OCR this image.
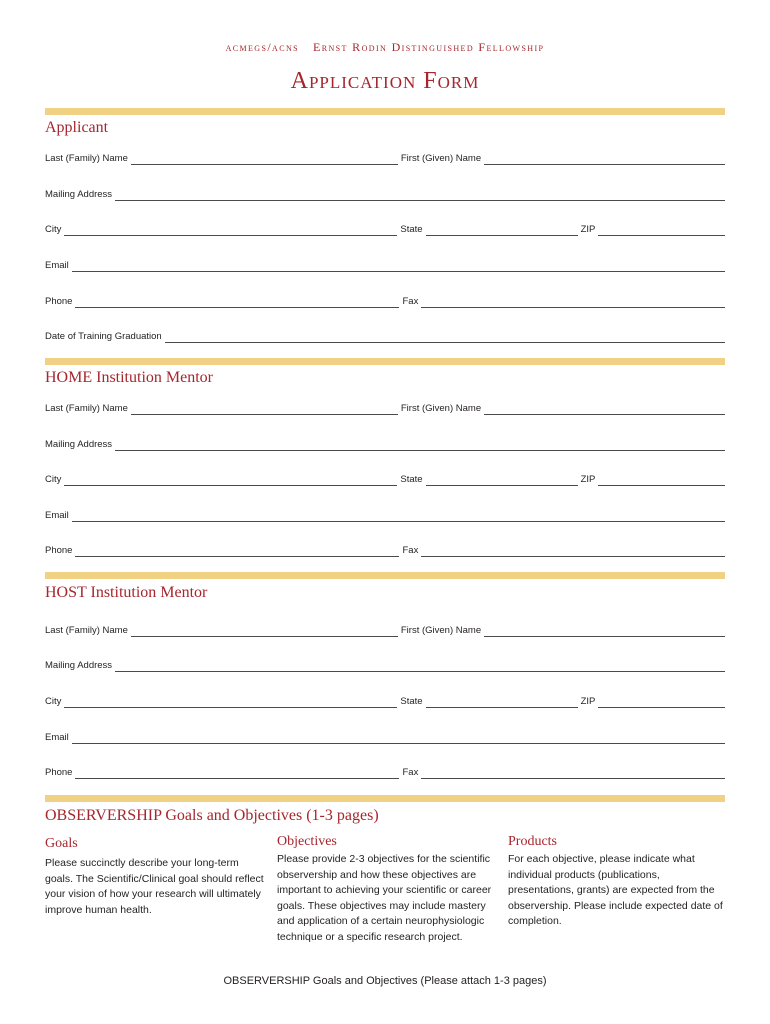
acmegs/acns Ernst Rodin Distinguished Fellowship
Application Form
Applicant
Last (Family) Name	First (Given) Name
Mailing Address
City	State	ZIP
Email
Phone	Fax
Date of Training Graduation
HOME Institution Mentor
Last (Family) Name	First (Given) Name
Mailing Address
City	State	ZIP
Email
Phone	Fax
HOST Institution Mentor
Last (Family) Name	First (Given) Name
Mailing Address
City	State	ZIP
Email
Phone	Fax
OBSERVERSHIP Goals and Objectives (1-3 pages)
Goals
Please succinctly describe your long-term goals. The Scientific/Clinical goal should reflect your vision of how your research will ultimately improve human health.
Objectives
Please provide 2-3 objectives for the scientific observership and how these objectives are important to achieving your scientific or career goals. These objectives may include mastery and application of a certain neurophysiologic technique or a specific research project.
Products
For each objective, please indicate what individual products (publications, presentations, grants) are expected from the observership. Please include expected date of completion.
OBSERVERSHIP Goals and Objectives (Please attach 1-3 pages)
